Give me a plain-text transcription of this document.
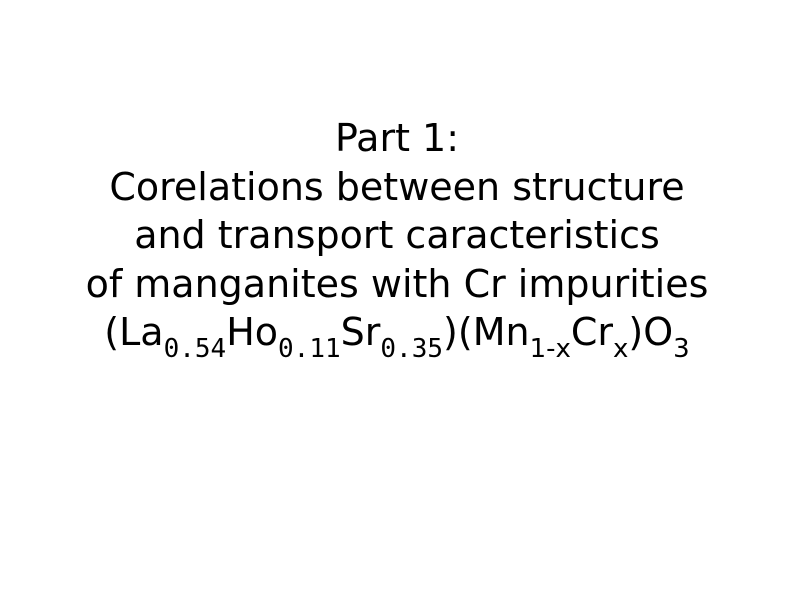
Part 1:
Corelations between structure
and transport caracteristics
of manganites with Cr impurities
$(La_{0.54}Ho_{0.11}Sr_{0.35})(Mn_{1-x}Cr_x)O_3$
